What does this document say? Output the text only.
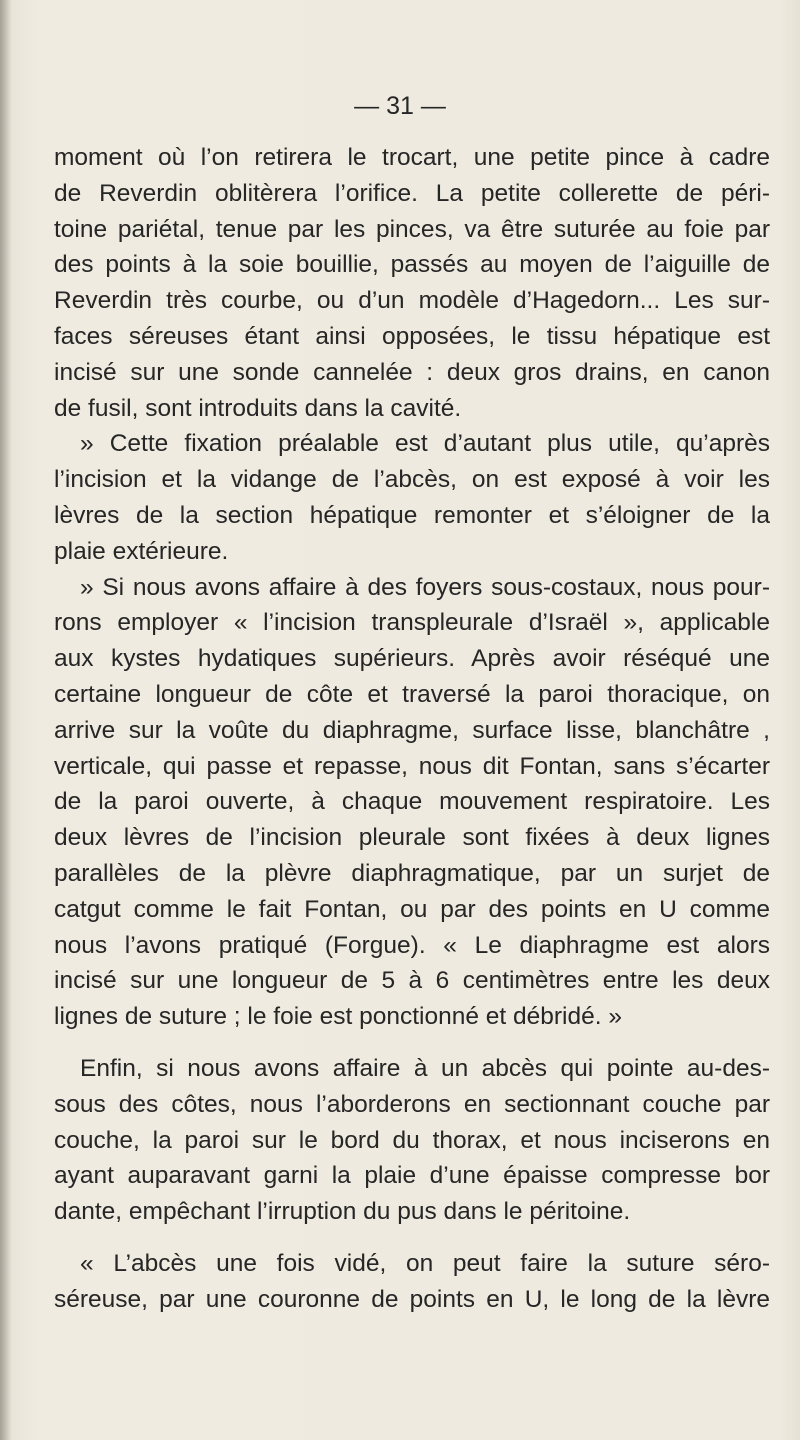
— 31 —
moment où l’on retirera le trocart, une petite pince à cadre
de Reverdin oblitèrera l’orifice. La petite collerette de péri-
toine pariétal, tenue par les pinces, va être suturée au foie par
des points à la soie bouillie, passés au moyen de l’aiguille de
Reverdin très courbe, ou d’un modèle d’Hagedorn... Les sur-
faces séreuses étant ainsi opposées, le tissu hépatique est
incisé sur une sonde cannelée : deux gros drains, en canon
de fusil, sont introduits dans la cavité.
» Cette fixation préalable est d’autant plus utile, qu’après
l’incision et la vidange de l’abcès, on est exposé à voir les
lèvres de la section hépatique remonter et s’éloigner de la
plaie extérieure.
» Si nous avons affaire à des foyers sous-costaux, nous pour-
rons employer « l’incision transpleurale d’Israël », applicable
aux kystes hydatiques supérieurs. Après avoir réséqué une
certaine longueur de côte et traversé la paroi thoracique, on
arrive sur la voûte du diaphragme, surface lisse, blanchâtre ,
verticale, qui passe et repasse, nous dit Fontan, sans s’écarter
de la paroi ouverte, à chaque mouvement respiratoire. Les
deux lèvres de l’incision pleurale sont fixées à deux lignes
parallèles de la plèvre diaphragmatique, par un surjet de
catgut comme le fait Fontan, ou par des points en U comme
nous l’avons pratiqué (Forgue). « Le diaphragme est alors
incisé sur une longueur de 5 à 6 centimètres entre les deux
lignes de suture ; le foie est ponctionné et débridé. »
Enfin, si nous avons affaire à un abcès qui pointe au-des-
sous des côtes, nous l’aborderons en sectionnant couche par
couche, la paroi sur le bord du thorax, et nous inciserons en
ayant auparavant garni la plaie d’une épaisse compresse bor
dante, empêchant l’irruption du pus dans le péritoine.
« L’abcès une fois vidé, on peut faire la suture séro-
séreuse, par une couronne de points en U, le long de la lèvre
